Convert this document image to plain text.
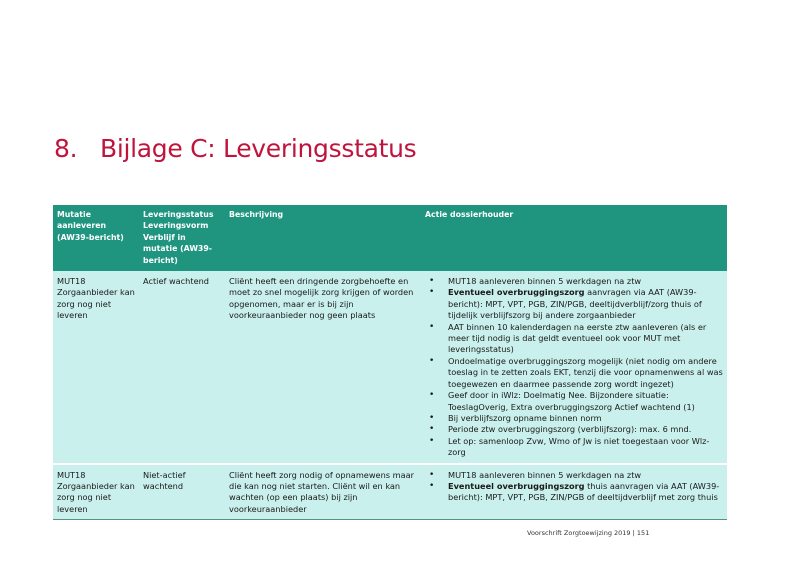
8. Bijlage C: Leveringsstatus
Mutatie aanleveren (AW39-bericht)	Leveringsstatus Leveringsvorm Verblijf in mutatie (AW39-bericht)	Beschrijving	Actie dossierhouder
MUT18 Zorgaanbieder kan zorg nog niet leveren	Actief wachtend	Cliënt heeft een dringende zorgbehoefte en moet zo snel mogelijk zorg krijgen of worden opgenomen, maar er is bij zijn voorkeuraanbieder nog geen plaats	
• MUT18 aanleveren binnen 5 werkdagen na ztw
• Eventueel overbruggingszorg aanvragen via AAT (AW39-bericht): MPT, VPT, PGB, ZIN/PGB, deeltijdverblijf/zorg thuis of tijdelijk verblijfszorg bij andere zorgaanbieder
• AAT binnen 10 kalenderdagen na eerste ztw aanleveren (als er meer tijd nodig is dat geldt eventueel ook voor MUT met leveringsstatus)
• Ondoelmatige overbruggingszorg mogelijk (niet nodig om andere toeslag in te zetten zoals EKT, tenzij die voor opnamenwens al was toegewezen en daarmee passende zorg wordt ingezet)
• Geef door in iWlz: Doelmatig Nee. Bijzondere situatie: ToeslagOverig, Extra overbruggingszorg Actief wachtend (1)
• Bij verblijfszorg opname binnen norm
• Periode ztw overbruggingszorg (verblijfszorg): max. 6 mnd.
• Let op: samenloop Zvw, Wmo of Jw is niet toegestaan voor Wlz-zorg

MUT18 Zorgaanbieder kan zorg nog niet leveren	Niet-actief wachtend	Cliënt heeft zorg nodig of opnamewens maar die kan nog niet starten. Cliënt wil en kan wachten (op een plaats) bij zijn voorkeuraanbieder	
• MUT18 aanleveren binnen 5 werkdagen na ztw
• Eventueel overbruggingszorg thuis aanvragen via AAT (AW39-bericht): MPT, VPT, PGB, ZIN/PGB of deeltijdverblijf met zorg thuis
Voorschrift Zorgtoewijzing 2019 | 151
